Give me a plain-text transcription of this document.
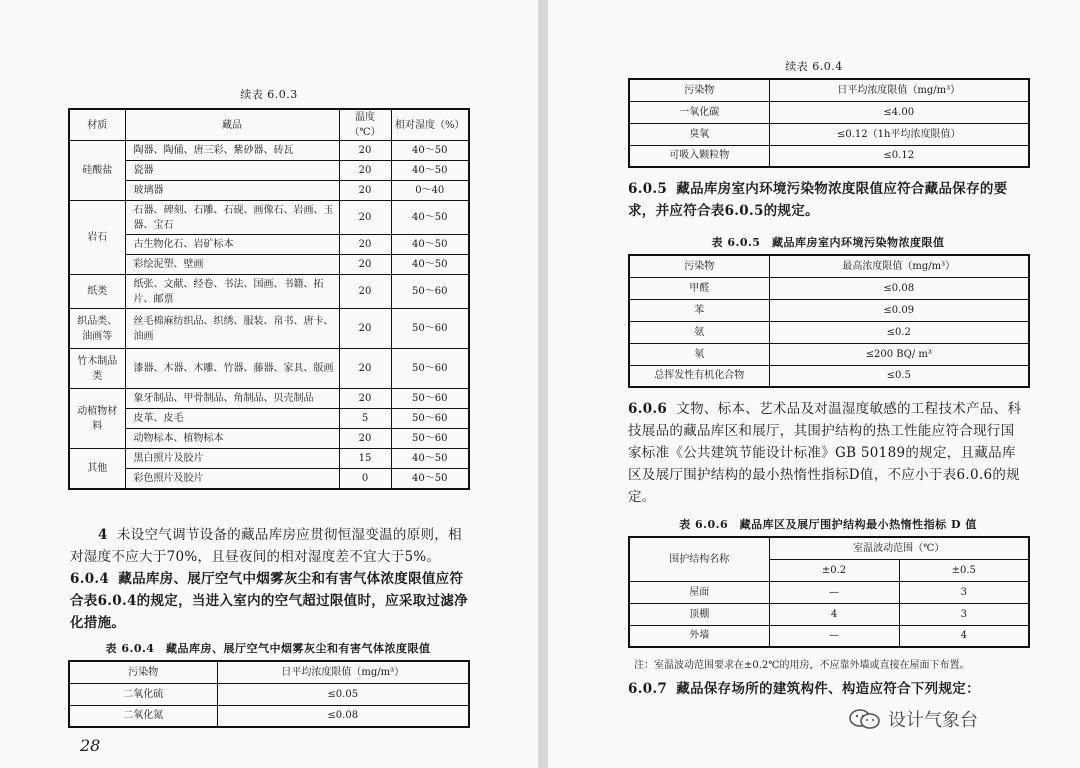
续表 6.0.3
材质	藏品	温度（℃）	相对湿度（%）
硅酸盐	陶器、陶俑、唐三彩、紫砂器、砖瓦	20	40～50
	瓷器	20	40～50
	玻璃器	20	0～40
岩石	石器、碑刻、石雕、石砚、画像石、岩画、玉器、宝石	20	40～50
	古生物化石、岩矿标本	20	40～50
	彩绘泥塑、壁画	20	40～50
纸类	纸张、文献、经卷、书法、国画、书籍、拓片、邮票	20	50～60
织品类、油画等	丝毛棉麻纺织品、织绣、服装、帛书、唐卡、油画	20	50～60
竹木制品类	漆器、木器、木雕、竹器、藤器、家具、版画	20	50～60
动植物材料	象牙制品、甲骨制品、角制品、贝壳制品	20	50～60
	皮革、皮毛	5	50～60
	动物标本、植物标本	20	50～60
其他	黑白照片及胶片	15	40～50
	彩色照片及胶片	0	40～50
4 未设空气调节设备的藏品库房应贯彻恒湿变温的原则，相对湿度不应大于70%，且昼夜间的相对湿度差不宜大于5%。
6.0.4 藏品库房、展厅空气中烟雾灰尘和有害气体浓度限值应符合表6.0.4的规定，当进入室内的空气超过限值时，应采取过滤净化措施。
表 6.0.4　藏品库房、展厅空气中烟雾灰尘和有害气体浓度限值
污染物	日平均浓度限值（mg/m³）
二氧化硫	≤0.05
二氧化氮	≤0.08
28
续表 6.0.4
污染物	日平均浓度限值（mg/m³）
一氧化碳	≤4.00
臭氧	≤0.12（1h平均浓度限值）
可吸入颗粒物	≤0.12
6.0.5 藏品库房室内环境污染物浓度限值应符合藏品保存的要求，并应符合表6.0.5的规定。
表 6.0.5　藏品库房室内环境污染物浓度限值
污染物	最高浓度限值（mg/m³）
甲醛	≤0.08
苯	≤0.09
氨	≤0.2
氡	≤200 BQ/ m³
总挥发性有机化合物	≤0.5
6.0.6 文物、标本、艺术品及对温湿度敏感的工程技术产品、科技展品的藏品库区和展厅，其围护结构的热工性能应符合现行国家标准《公共建筑节能设计标准》GB 50189的规定，且藏品库区及展厅围护结构的最小热惰性指标D值，不应小于表6.0.6的规定。
表 6.0.6　藏品库区及展厅围护结构最小热惰性指标 D 值
围护结构名称	室温波动范围（℃）	
	±0.2	±0.5
屋面	—	3
顶棚	4	3
外墙	—	4
注：室温波动范围要求在±0.2℃的用房，不应靠外墙或直接在屋面下布置。
6.0.7 藏品保存场所的建筑构件、构造应符合下列规定：
设计气象台
